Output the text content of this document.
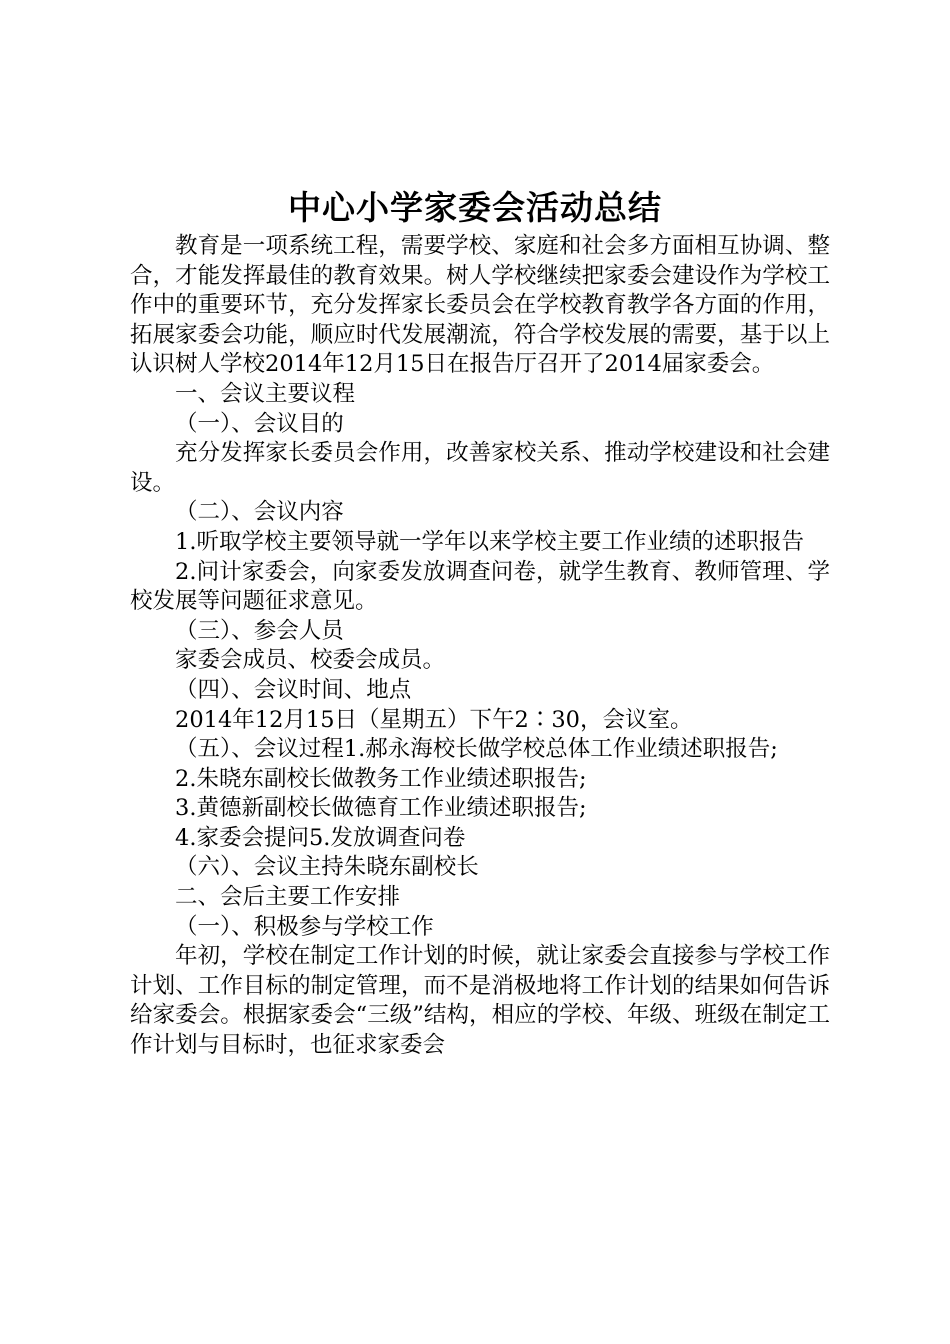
中心小学家委会活动总结

教育是一项系统工程，需要学校、家庭和社会多方面相互协调、整合，才能发挥最佳的教育效果。树人学校继续把家委会建设作为学校工作中的重要环节，充分发挥家长委员会在学校教育教学各方面的作用，拓展家委会功能，顺应时代发展潮流，符合学校发展的需要，基于以上认识树人学校2014年12月15日在报告厅召开了2014届家委会。

一、会议主要议程

（一）、会议目的

充分发挥家长委员会作用，改善家校关系、推动学校建设和社会建设。

（二）、会议内容

1.听取学校主要领导就一学年以来学校主要工作业绩的述职报告

2.问计家委会，向家委发放调查问卷，就学生教育、教师管理、学校发展等问题征求意见。

（三）、参会人员

家委会成员、校委会成员。

（四）、会议时间、地点

2014年12月15日（星期五）下午2∶30，会议室。

（五）、会议过程1.郝永海校长做学校总体工作业绩述职报告;

2.朱晓东副校长做教务工作业绩述职报告;

3.黄德新副校长做德育工作业绩述职报告;

4.家委会提问5.发放调查问卷

（六）、会议主持朱晓东副校长

二、会后主要工作安排

（一）、积极参与学校工作

年初，学校在制定工作计划的时候，就让家委会直接参与学校工作计划、工作目标的制定管理，而不是消极地将工作计划的结果如何告诉给家委会。根据家委会“三级”结构，相应的学校、年级、班级在制定工作计划与目标时，也征求家委会
